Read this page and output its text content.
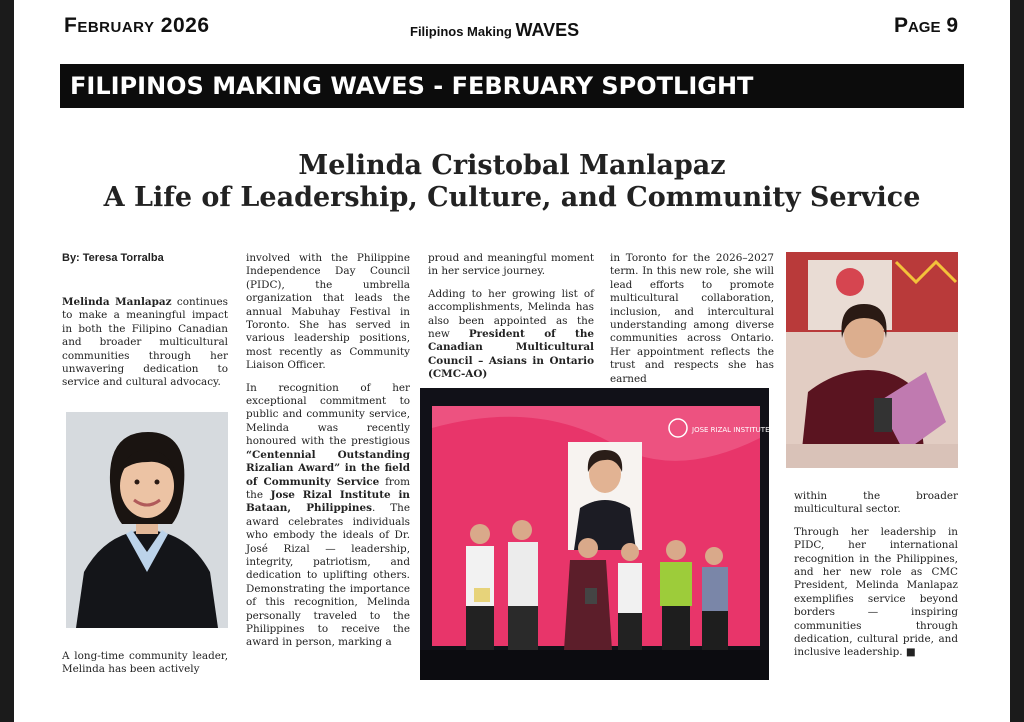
February 2026	Filipinos Making WAVES	Page 9
FILIPINOS MAKING WAVES - FEBRUARY SPOTLIGHT
Melinda Cristobal Manlapaz
A Life of Leadership, Culture, and Community Service
By: Teresa Torralba

Melinda Manlapaz continues to make a meaningful impact in both the Filipino Canadian and broader multicultural communities through her unwavering dedication to service and cultural advocacy.

A long-time community leader, Melinda has been actively

involved with the Philippine Independence Day Council (PIDC), the umbrella organization that leads the annual Mabuhay Festival in Toronto. She has served in various leadership positions, most recently as Community Liaison Officer.

In recognition of her exceptional commitment to public and community service, Melinda was recently honoured with the prestigious “Centennial Outstanding Rizalian Award” in the field of Community Service from the Jose Rizal Institute in Bataan, Philippines. The award celebrates individuals who embody the ideals of Dr. José Rizal — leadership, integrity, patriotism, and dedication to uplifting others. Demonstrating the importance of this recognition, Melinda personally traveled to the Philippines to receive the award in person, marking a

proud and meaningful moment in her service journey.

Adding to her growing list of accomplishments, Melinda has also been appointed as the new President of the Canadian Multicultural Council – Asians in Ontario (CMC-AO)

in Toronto for the 2026–2027 term. In this new role, she will lead efforts to promote multicultural collaboration, inclusion, and intercultural understanding among diverse communities across Ontario. Her appointment reflects the trust and respects she has earned

JOSE RIZAL INSTITUTE

within the broader multicultural sector.

Through her leadership in PIDC, her international recognition in the Philippines, and her new role as CMC President, Melinda Manlapaz exemplifies service beyond borders — inspiring communities through dedication, cultural pride, and inclusive leadership. ■
